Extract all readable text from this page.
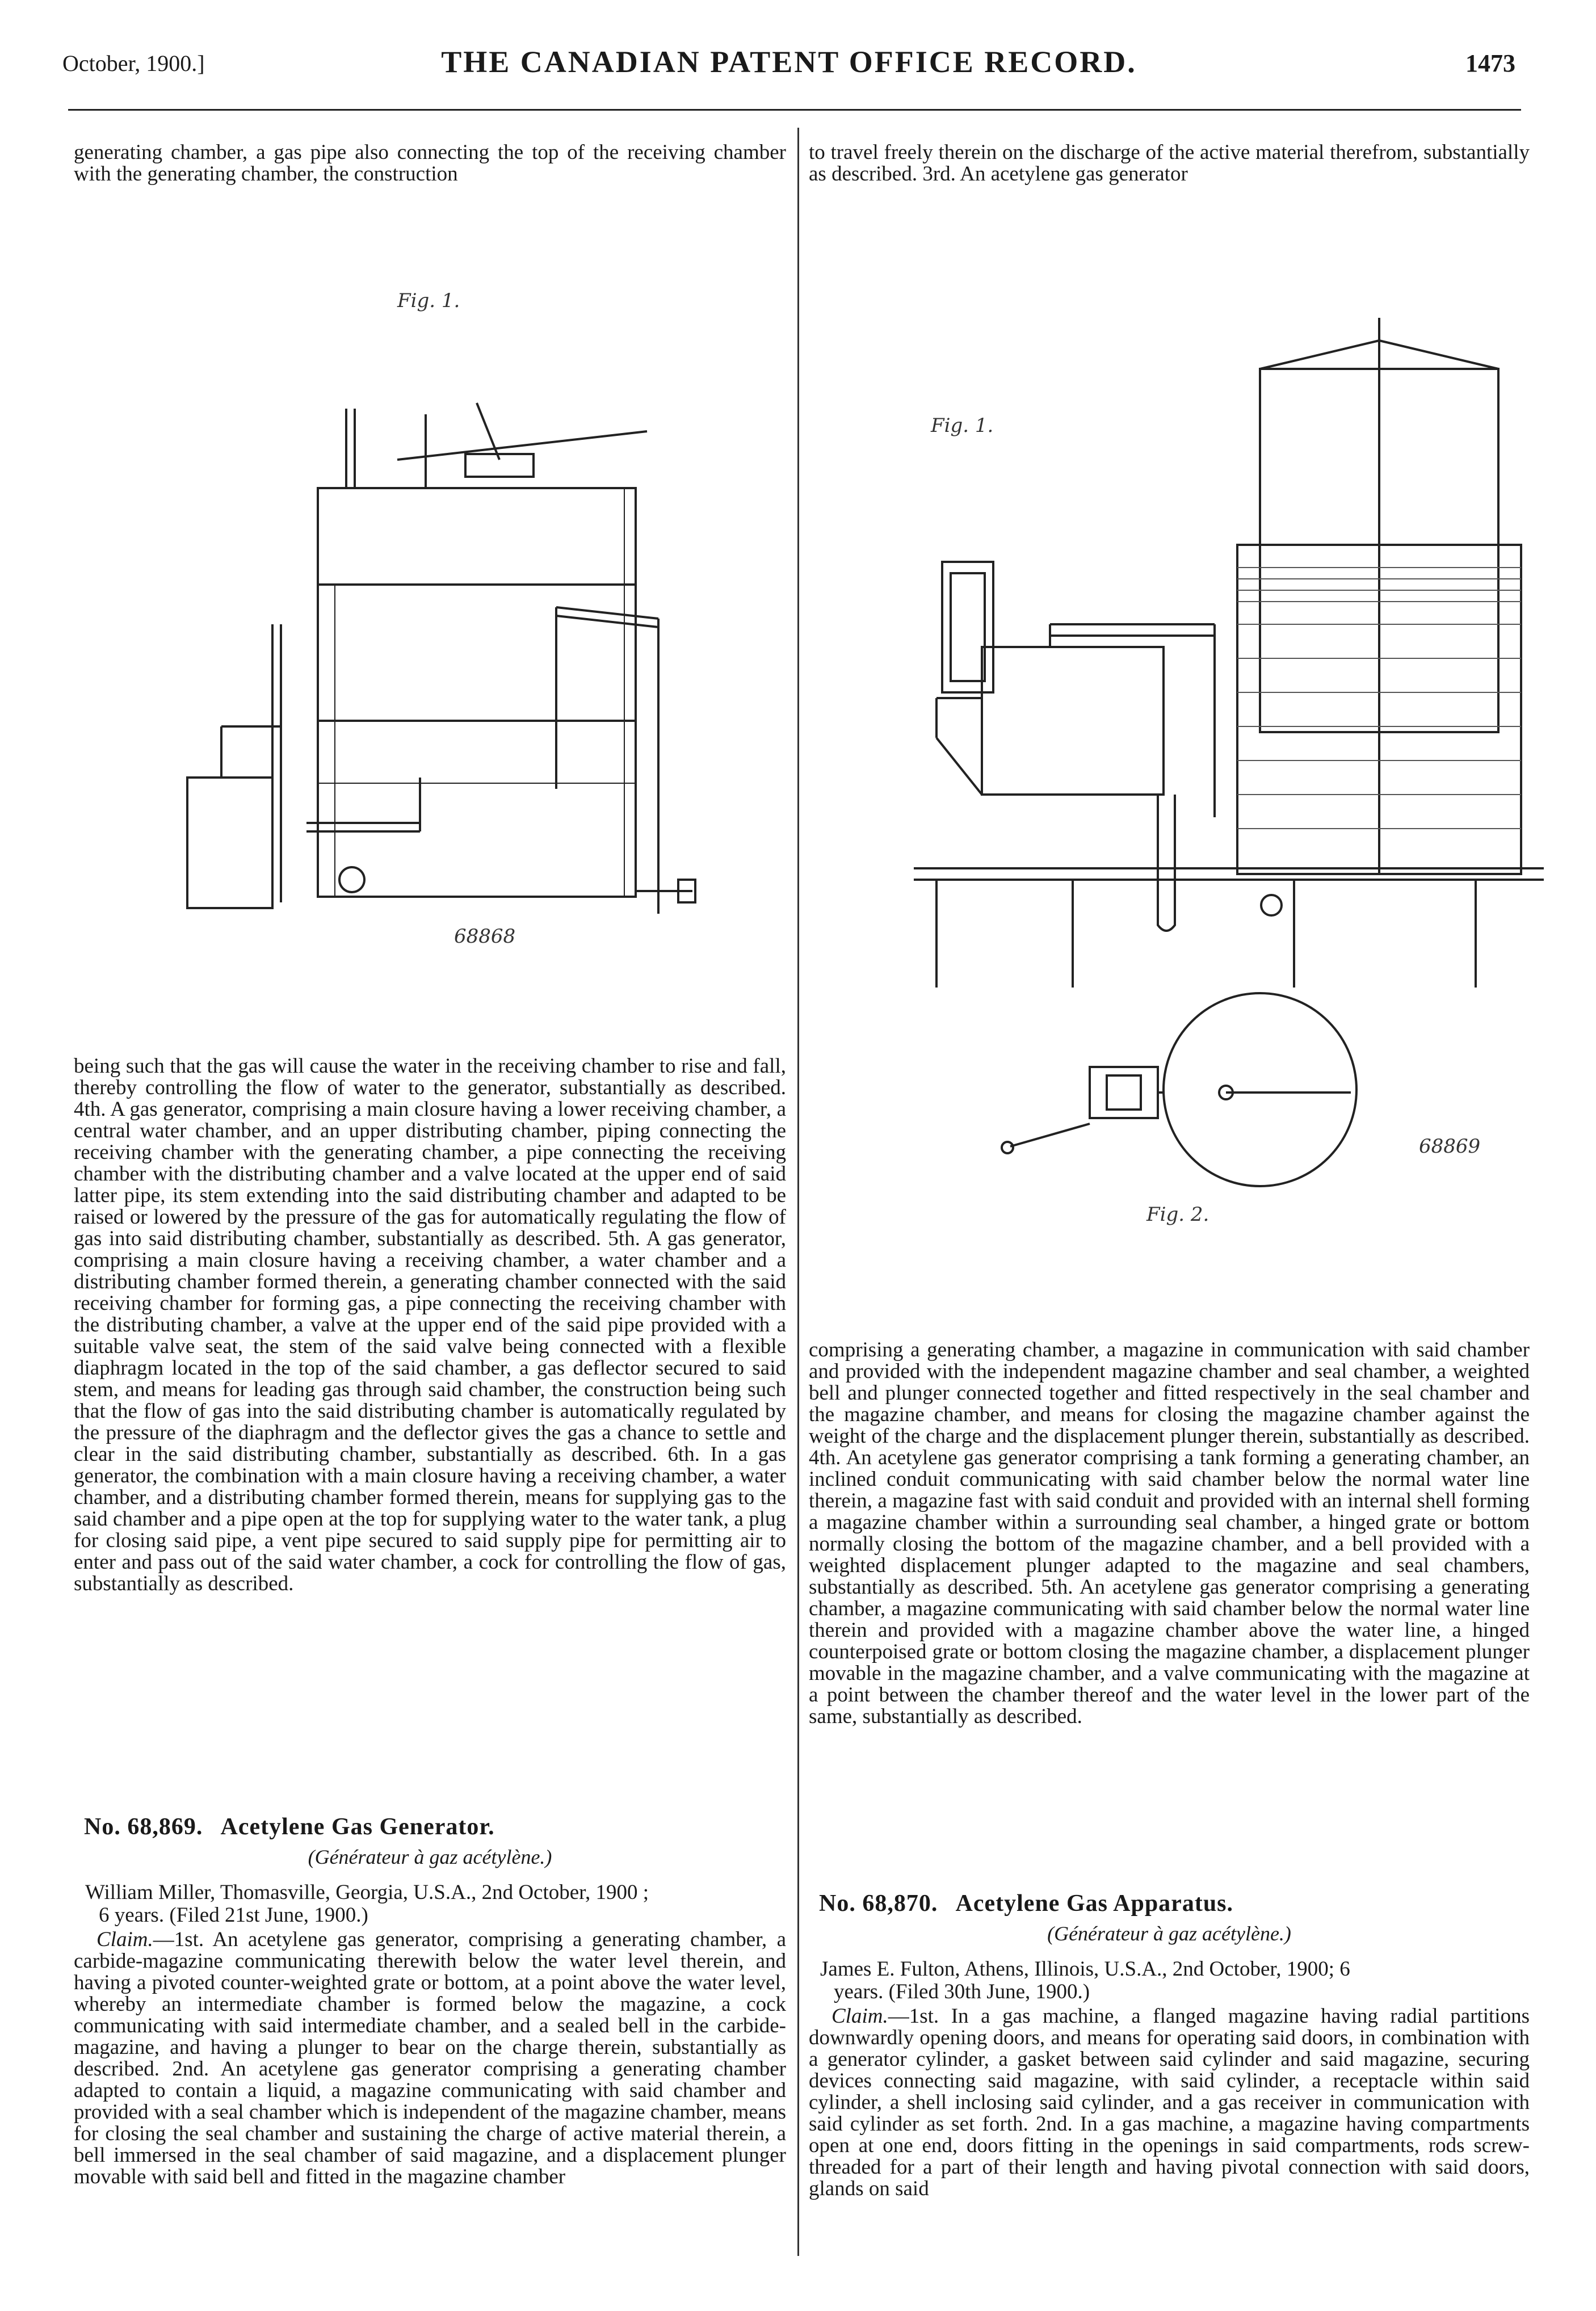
October, 1900.]	THE CANADIAN PATENT OFFICE RECORD.	1473

generating chamber, a gas pipe also connecting the top of the receiving chamber with the generating chamber, the construction

to travel freely therein on the discharge of the active material therefrom, substantially as described. 3rd. An acetylene gas generator

Fig. 1.
68868
Fig. 1.
Fig. 2.
68869

being such that the gas will cause the water in the receiving chamber to rise and fall, thereby controlling the flow of water to the generator, substantially as described. 4th. A gas generator, comprising a main closure having a lower receiving chamber, a central water chamber, and an upper distributing chamber, piping connecting the receiving chamber with the generating chamber, a pipe connecting the receiving chamber with the distributing chamber and a valve located at the upper end of said latter pipe, its stem extending into the said distributing chamber and adapted to be raised or lowered by the pressure of the gas for automatically regulating the flow of gas into said distributing chamber, substantially as described. 5th. A gas generator, comprising a main closure having a receiving chamber, a water chamber and a distributing chamber formed therein, a generating chamber connected with the said receiving chamber for forming gas, a pipe connecting the receiving chamber with the distributing chamber, a valve at the upper end of the said pipe provided with a suitable valve seat, the stem of the said valve being connected with a flexible diaphragm located in the top of the said chamber, a gas deflector secured to said stem, and means for leading gas through said chamber, the construction being such that the flow of gas into the said distributing chamber is automatically regulated by the pressure of the diaphragm and the deflector gives the gas a chance to settle and clear in the said distributing chamber, substantially as described. 6th. In a gas generator, the combination with a main closure having a receiving chamber, a water chamber, and a distributing chamber formed therein, means for supplying gas to the said chamber and a pipe open at the top for supplying water to the water tank, a plug for closing said pipe, a vent pipe secured to said supply pipe for permitting air to enter and pass out of the said water chamber, a cock for controlling the flow of gas, substantially as described.

comprising a generating chamber, a magazine in communication with said chamber and provided with the independent magazine chamber and seal chamber, a weighted bell and plunger connected together and fitted respectively in the seal chamber and the magazine chamber, and means for closing the magazine chamber against the weight of the charge and the displacement plunger therein, substantially as described. 4th. An acetylene gas generator comprising a tank forming a generating chamber, an inclined conduit communicating with said chamber below the normal water line therein, a magazine fast with said conduit and provided with an internal shell forming a magazine chamber within a surrounding seal chamber, a hinged grate or bottom normally closing the bottom of the magazine chamber, and a bell provided with a weighted displacement plunger adapted to the magazine and seal chambers, substantially as described. 5th. An acetylene gas generator comprising a generating chamber, a magazine communicating with said chamber below the normal water line therein and provided with a magazine chamber above the water line, a hinged counterpoised grate or bottom closing the magazine chamber, a displacement plunger movable in the magazine chamber, and a valve communicating with the magazine at a point between the chamber thereof and the water level in the lower part of the same, substantially as described.

No. 68,869. Acetylene Gas Generator.
(Générateur à gaz acétylène.)
William Miller, Thomasville, Georgia, U.S.A., 2nd October, 1900 ;
6 years. (Filed 21st June, 1900.)

Claim.—1st. An acetylene gas generator, comprising a generating chamber, a carbide-magazine communicating therewith below the water level therein, and having a pivoted counter-weighted grate or bottom, at a point above the water level, whereby an intermediate chamber is formed below the magazine, a cock communicating with said intermediate chamber, and a sealed bell in the carbide-magazine, and having a plunger to bear on the charge therein, substantially as described. 2nd. An acetylene gas generator comprising a generating chamber adapted to contain a liquid, a magazine communicating with said chamber and provided with a seal chamber which is independent of the magazine chamber, means for closing the seal chamber and sustaining the charge of active material therein, a bell immersed in the seal chamber of said magazine, and a displacement plunger movable with said bell and fitted in the magazine chamber

No. 68,870. Acetylene Gas Apparatus.
(Générateur à gaz acétylène.)
James E. Fulton, Athens, Illinois, U.S.A., 2nd October, 1900; 6
years. (Filed 30th June, 1900.)

Claim.—1st. In a gas machine, a flanged magazine having radial partitions downwardly opening doors, and means for operating said doors, in combination with a generator cylinder, a gasket between said cylinder and said magazine, securing devices connecting said magazine, with said cylinder, a receptacle within said cylinder, a shell inclosing said cylinder, and a gas receiver in communication with said cylinder as set forth. 2nd. In a gas machine, a magazine having compartments open at one end, doors fitting in the openings in said compartments, rods screw-threaded for a part of their length and having pivotal connection with said doors, glands on said
